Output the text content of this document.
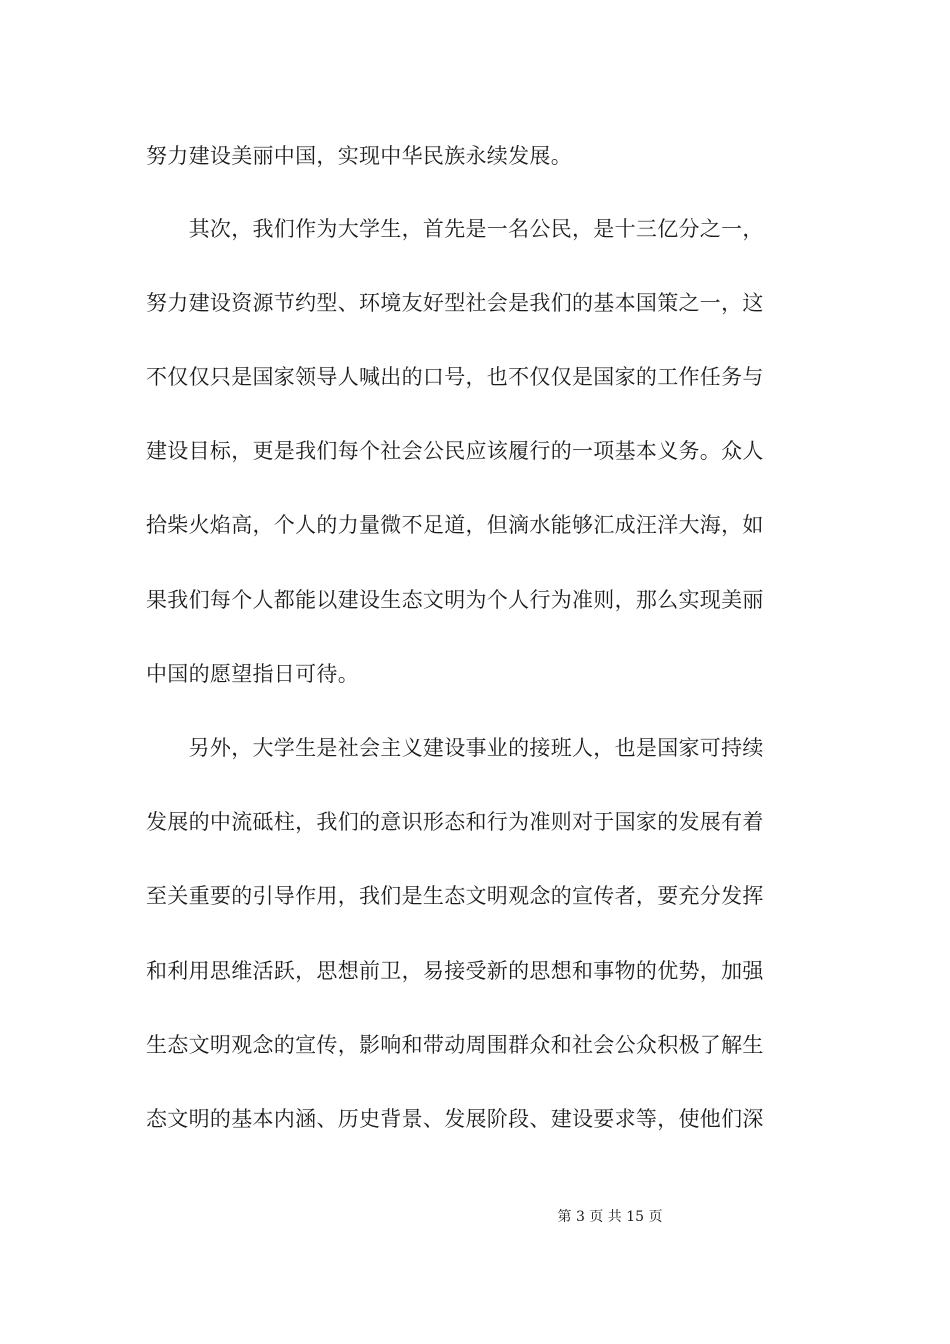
努力建设美丽中国，实现中华民族永续发展。
　　其次，我们作为大学生，首先是一名公民，是十三亿分之一，
努力建设资源节约型、环境友好型社会是我们的基本国策之一，这
不仅仅只是国家领导人喊出的口号，也不仅仅是国家的工作任务与
建设目标，更是我们每个社会公民应该履行的一项基本义务。众人
拾柴火焰高，个人的力量微不足道，但滴水能够汇成汪洋大海，如
果我们每个人都能以建设生态文明为个人行为准则，那么实现美丽
中国的愿望指日可待。
　　另外，大学生是社会主义建设事业的接班人，也是国家可持续
发展的中流砥柱，我们的意识形态和行为准则对于国家的发展有着
至关重要的引导作用，我们是生态文明观念的宣传者，要充分发挥
和利用思维活跃，思想前卫，易接受新的思想和事物的优势，加强
生态文明观念的宣传，影响和带动周围群众和社会公众积极了解生
态文明的基本内涵、历史背景、发展阶段、建设要求等，使他们深
第 3 页 共 15 页
